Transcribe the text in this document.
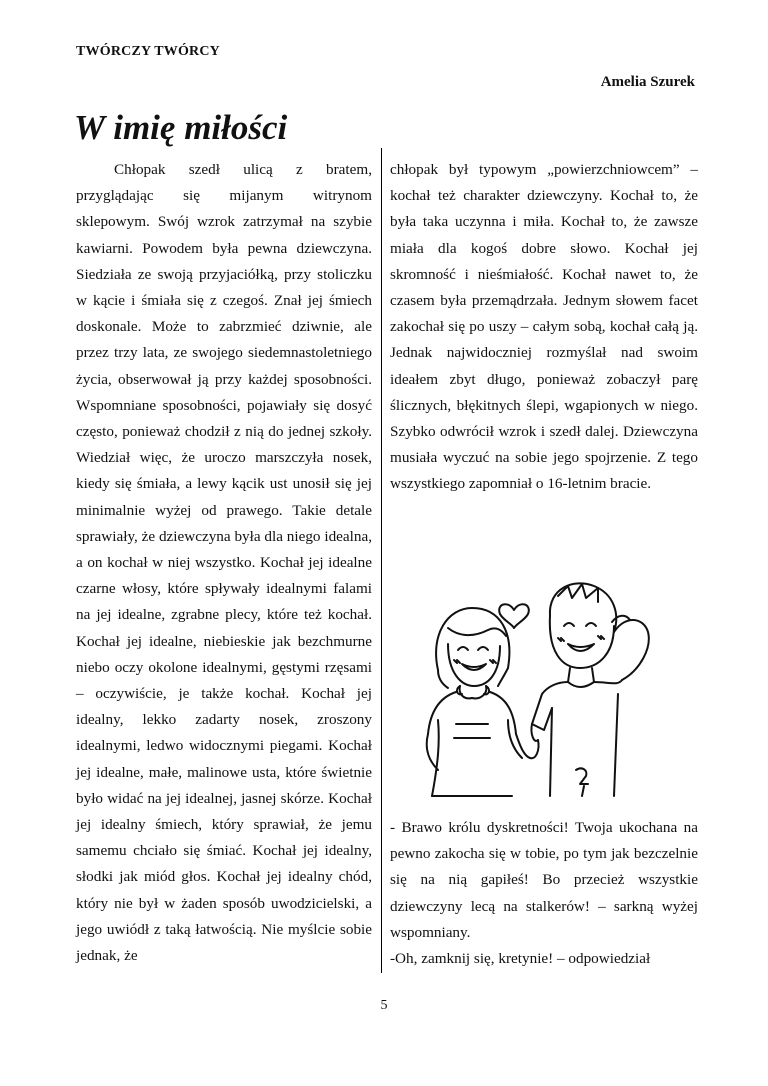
TWÓRCZY TWÓRCY
Amelia Szurek
W imię miłości

Chłopak szedł ulicą z bratem, przyglądając się mijanym witrynom sklepowym. Swój wzrok zatrzymał na szybie kawiarni. Powodem była pewna dziewczyna. Siedziała ze swoją przyjaciółką, przy stoliczku w kącie i śmiała się z czegoś. Znał jej śmiech doskonale. Może to zabrzmieć dziwnie, ale przez trzy lata, ze swojego siedemnastoletniego życia, obserwował ją przy każdej sposobności. Wspomniane sposobności, pojawiały się dosyć często, ponieważ chodził z nią do jednej szkoły. Wiedział więc, że uroczo marszczyła nosek, kiedy się śmiała, a lewy kącik ust unosił się jej minimalnie wyżej od prawego. Takie detale sprawiały, że dziewczyna była dla niego idealna, a on kochał w niej wszystko. Kochał jej idealne czarne włosy, które spływały idealnymi falami na jej idealne, zgrabne plecy, które też kochał. Kochał jej idealne, niebieskie jak bezchmurne niebo oczy okolone idealnymi, gęstymi rzęsami – oczywiście, je także kochał. Kochał jej idealny, lekko zadarty nosek, zroszony idealnymi, ledwo widocznymi piegami. Kochał jej idealne, małe, malinowe usta, które świetnie było widać na jej idealnej, jasnej skórze. Kochał jej idealny śmiech, który sprawiał, że jemu samemu chciało się śmiać. Kochał jej idealny, słodki jak miód głos. Kochał jej idealny chód, który nie był w żaden sposób uwodzicielski, a jego uwiódł z taką łatwością. Nie myślcie sobie jednak, że

chłopak był typowym „powierzchniowcem” – kochał też charakter dziewczyny. Kochał to, że była taka uczynna i miła. Kochał to, że zawsze miała dla kogoś dobre słowo. Kochał jej skromność i nieśmiałość. Kochał nawet to, że czasem była przemądrzała. Jednym słowem facet zakochał się po uszy – całym sobą, kochał całą ją. Jednak najwidoczniej rozmyślał nad swoim ideałem zbyt długo, ponieważ zobaczył parę ślicznych, błękitnych ślepi, wgapionych w niego. Szybko odwrócił wzrok i szedł dalej. Dziewczyna musiała wyczuć na sobie jego spojrzenie. Z tego wszystkiego zapomniał o 16-letnim bracie.

- Brawo królu dyskretności! Twoja ukochana na pewno zakocha się w tobie, po tym jak bezczelnie się na nią gapiłeś! Bo przecież wszystkie dziewczyny lecą na stalkerów! – sarkną wyżej wspomniany.

-Oh, zamknij się, kretynie! – odpowiedział

5
